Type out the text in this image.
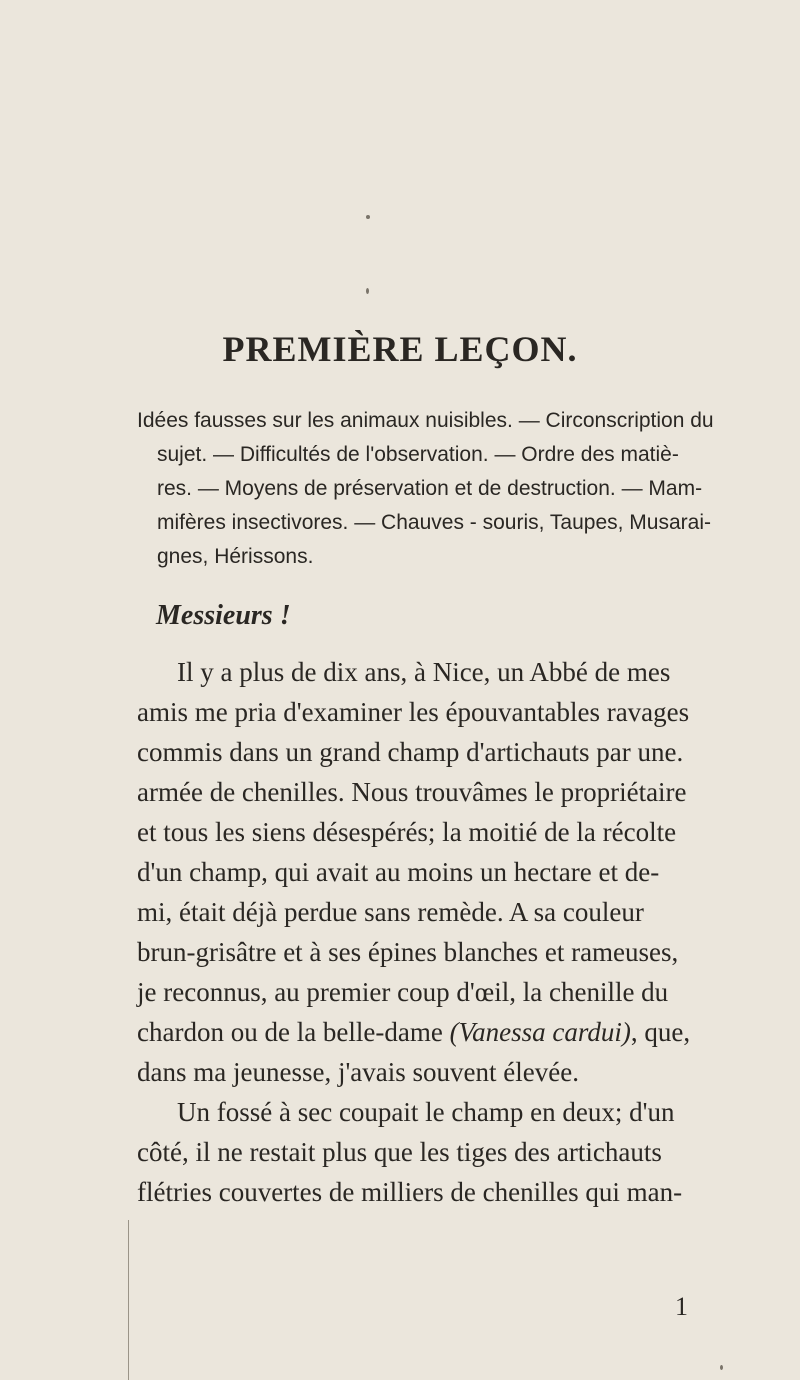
PREMIÈRE LEÇON.

Idées fausses sur les animaux nuisibles. — Circonscription du
sujet. — Difficultés de l'observation. — Ordre des matiè-
res. — Moyens de préservation et de destruction. — Mam-
mifères insectivores. — Chauves - souris, Taupes, Musarai-
gnes, Hérissons.

Messieurs !

Il y a plus de dix ans, à Nice, un Abbé de mes
amis me pria d'examiner les épouvantables ravages
commis dans un grand champ d'artichauts par une.
armée de chenilles. Nous trouvâmes le propriétaire
et tous les siens désespérés; la moitié de la récolte
d'un champ, qui avait au moins un hectare et de-
mi, était déjà perdue sans remède. A sa couleur
brun-grisâtre et à ses épines blanches et rameuses,
je reconnus, au premier coup d'œil, la chenille du
chardon ou de la belle-dame (Vanessa cardui), que,
dans ma jeunesse, j'avais souvent élevée.
Un fossé à sec coupait le champ en deux; d'un
côté, il ne restait plus que les tiges des artichauts
flétries couvertes de milliers de chenilles qui man-

1
